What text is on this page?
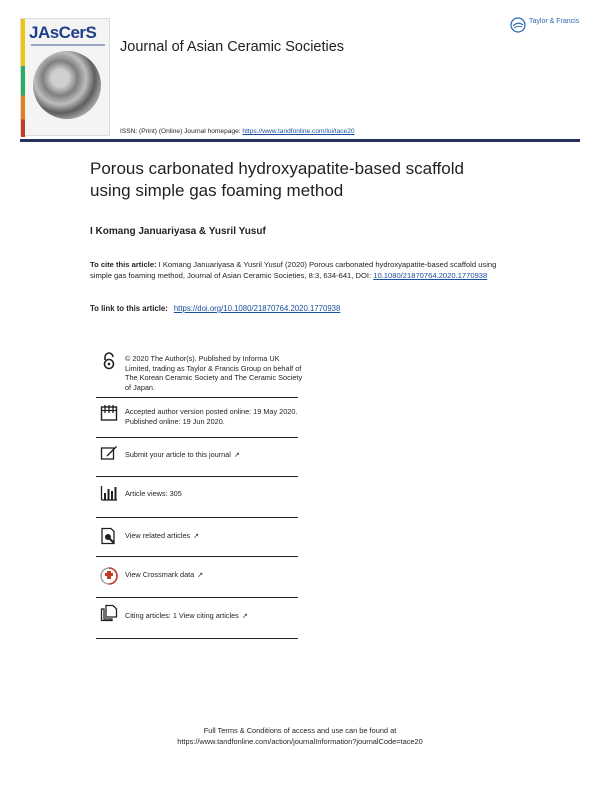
JAsCerS
Journal of Asian Ceramic Societies
Taylor & Francis
ISSN: (Print) (Online) Journal homepage: https://www.tandfonline.com/loi/tace20
Porous carbonated hydroxyapatite-based scaffold
using simple gas foaming method
I Komang Januariyasa & Yusril Yusuf
To cite this article: I Komang Januariyasa & Yusril Yusuf (2020) Porous carbonated hydroxyapatite-based scaffold using simple gas foaming method, Journal of Asian Ceramic Societies, 8:3, 634-641, DOI: 10.1080/21870764.2020.1770938
To link to this article: https://doi.org/10.1080/21870764.2020.1770938
© 2020 The Author(s). Published by Informa UK Limited, trading as Taylor & Francis Group on behalf of The Korean Ceramic Society and The Ceramic Society of Japan.
Accepted author version posted online: 19 May 2020.
Published online: 19 Jun 2020.
Submit your article to this journal ↗
Article views: 305
View related articles ↗
View Crossmark data ↗
Citing articles: 1 View citing articles ↗
Full Terms & Conditions of access and use can be found at
https://www.tandfonline.com/action/journalInformation?journalCode=tace20
